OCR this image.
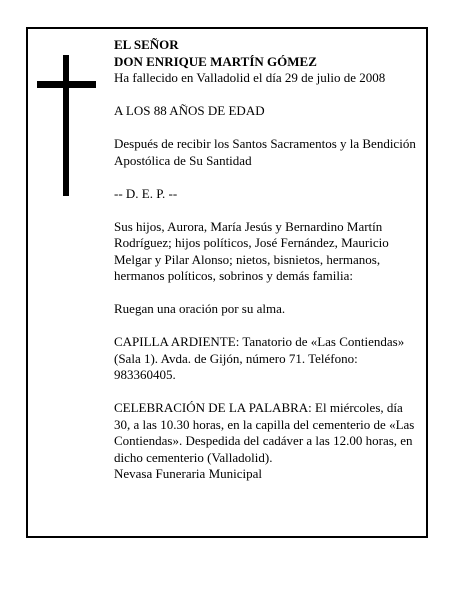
EL SEÑOR

DON ENRIQUE MARTÍN GÓMEZ

Ha fallecido en Valladolid el día 29 de julio de 2008

A LOS 88 AÑOS DE EDAD

Después de recibir los Santos Sacramentos y la Bendición Apostólica de Su Santidad

-- D. E. P. --

Sus hijos, Aurora, María Jesús y Bernardino Martín Rodríguez; hijos políticos, José Fernández, Mauricio Melgar y Pilar Alonso; nietos, bisnietos, hermanos, hermanos políticos, sobrinos y demás familia:

Ruegan una oración por su alma.

CAPILLA ARDIENTE: Tanatorio de «Las Contiendas» (Sala 1). Avda. de Gijón, número 71. Teléfono: 983360405.

CELEBRACIÓN DE LA PALABRA: El miércoles, día 30, a las 10.30 horas, en la capilla del cementerio de «Las Contiendas». Despedida del cadáver a las 12.00 horas, en dicho cementerio (Valladolid).

Nevasa Funeraria Municipal
